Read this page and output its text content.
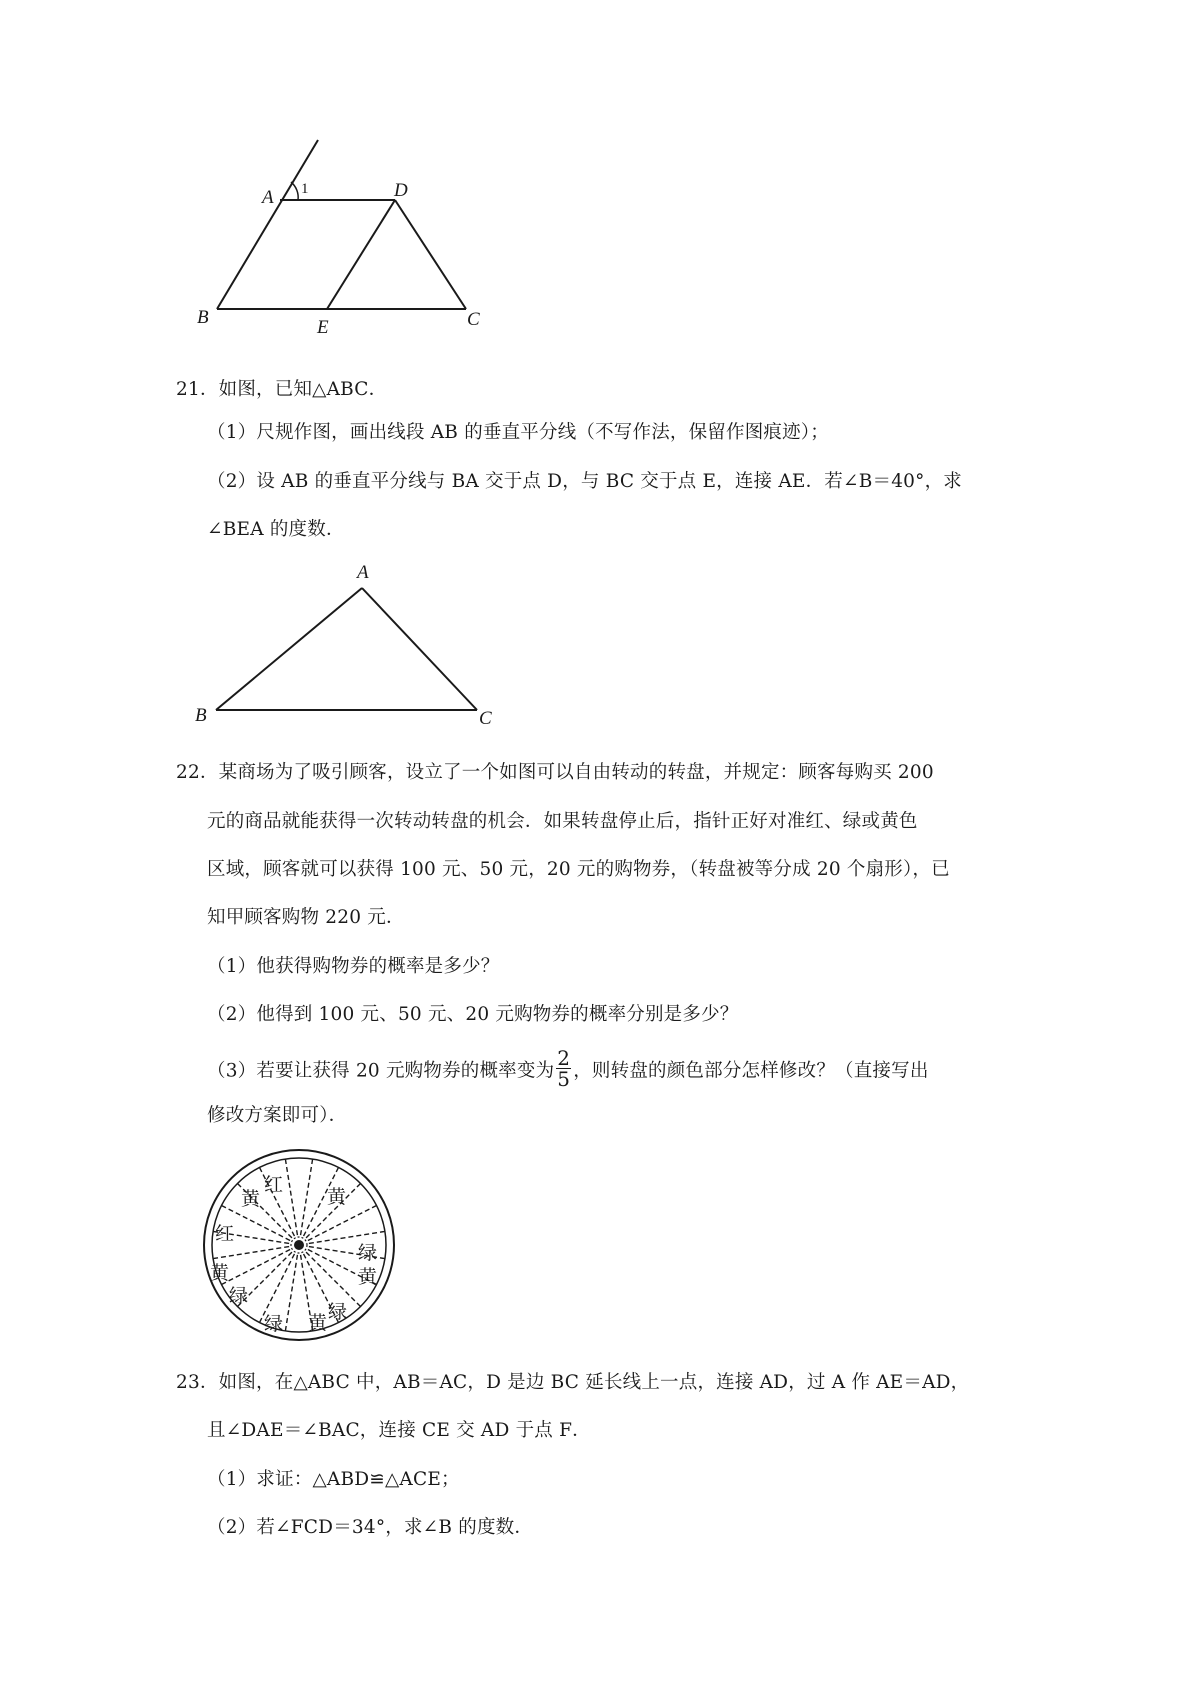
A 1	D
B	E	C
21．如图，已知△ABC．
（1）尺规作图，画出线段 AB 的垂直平分线（不写作法，保留作图痕迹）；
（2）设 AB 的垂直平分线与 BA 交于点 D，与 BC 交于点 E，连接 AE．若∠B＝40°，求
∠BEA 的度数．
A
B	C
22．某商场为了吸引顾客，设立了一个如图可以自由转动的转盘，并规定：顾客每购买 200
元的商品就能获得一次转动转盘的机会．如果转盘停止后，指针正好对准红、绿或黄色
区域，顾客就可以获得 100 元、50 元，20 元的购物券，（转盘被等分成 20 个扇形），已
知甲顾客购物 220 元．
（1）他获得购物券的概率是多少？
（2）他得到 100 元、50 元、20 元购物券的概率分别是多少？
（3）若要让获得 20 元购物券的概率变为 $\frac{2}{5}$ ，则转盘的颜色部分怎样修改？（直接写出
修改方案即可）．
黄
红
黄
红
绿
黄	黄
绿
绿
绿 黄
23．如图，在△ABC 中，AB＝AC，D 是边 BC 延长线上一点，连接 AD，过 A 作 AE＝AD，
且∠DAE＝∠BAC，连接 CE 交 AD 于点 F．
（1）求证：△ABD≌△ACE；
（2）若∠FCD＝34°，求∠B 的度数．
